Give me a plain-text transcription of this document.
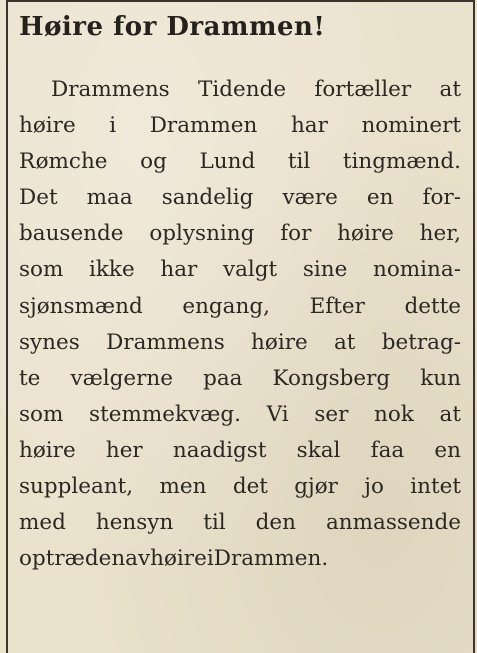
Høire for Drammen!
Drammens Tidende fortæller at
høire i Drammen har nominert
Rømche og Lund til tingmænd.
Det maa sandelig være en for-
bausende oplysning for høire her,
som ikke har valgt sine nomina-
sjønsmænd engang, Efter dette
synes Drammens høire at betrag-
te vælgerne paa Kongsberg kun
som stemmekvæg. Vi ser nok at
høire her naadigst skal faa en
suppleant, men det gjør jo intet
med hensyn til den anmassende
optræden av høire i Drammen.
